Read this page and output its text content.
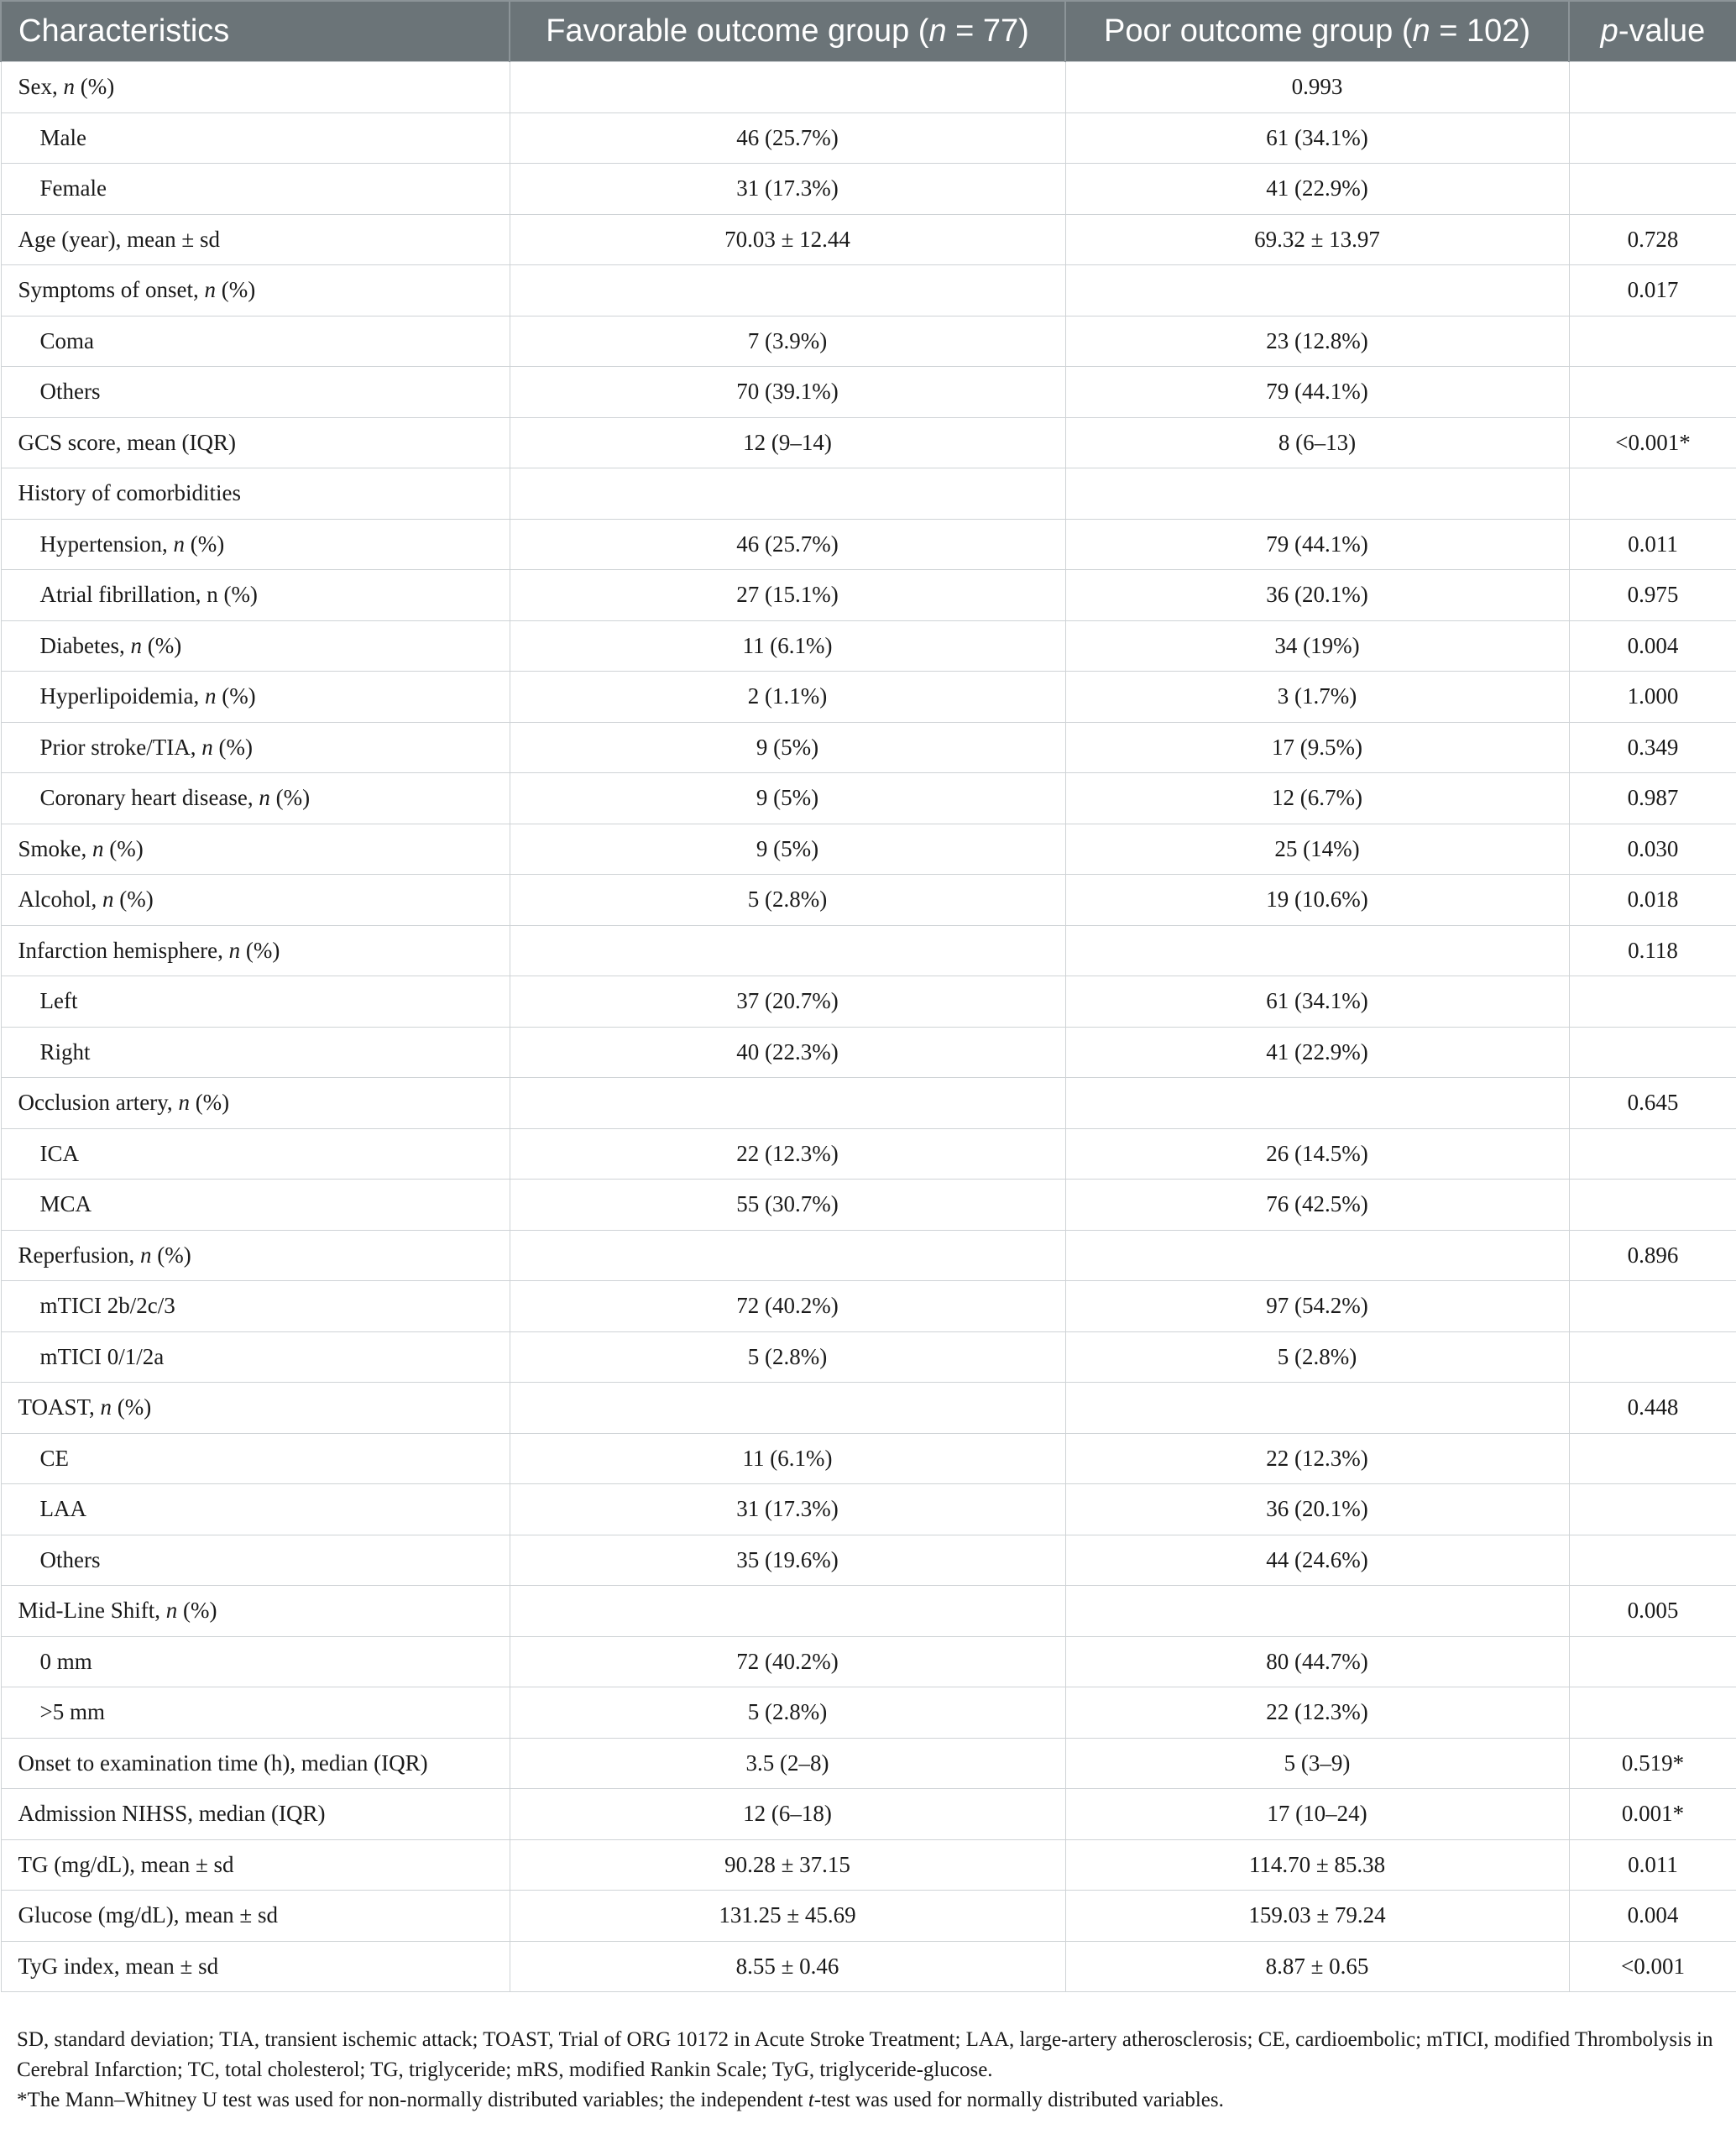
Characteristics	Favorable outcome group (n = 77)	Poor outcome group (n = 102)	p-value
Sex, n (%)		0.993	
Male	46 (25.7%)	61 (34.1%)	
Female	31 (17.3%)	41 (22.9%)	
Age (year), mean ± sd	70.03 ± 12.44	69.32 ± 13.97	0.728
Symptoms of onset, n (%)			0.017
Coma	7 (3.9%)	23 (12.8%)	
Others	70 (39.1%)	79 (44.1%)	
GCS score, mean (IQR)	12 (9–14)	8 (6–13)	<0.001*
History of comorbidities			
Hypertension, n (%)	46 (25.7%)	79 (44.1%)	0.011
Atrial fibrillation, n (%)	27 (15.1%)	36 (20.1%)	0.975
Diabetes, n (%)	11 (6.1%)	34 (19%)	0.004
Hyperlipoidemia, n (%)	2 (1.1%)	3 (1.7%)	1.000
Prior stroke/TIA, n (%)	9 (5%)	17 (9.5%)	0.349
Coronary heart disease, n (%)	9 (5%)	12 (6.7%)	0.987
Smoke, n (%)	9 (5%)	25 (14%)	0.030
Alcohol, n (%)	5 (2.8%)	19 (10.6%)	0.018
Infarction hemisphere, n (%)			0.118
Left	37 (20.7%)	61 (34.1%)	
Right	40 (22.3%)	41 (22.9%)	
Occlusion artery, n (%)			0.645
ICA	22 (12.3%)	26 (14.5%)	
MCA	55 (30.7%)	76 (42.5%)	
Reperfusion, n (%)			0.896
mTICI 2b/2c/3	72 (40.2%)	97 (54.2%)	
mTICI 0/1/2a	5 (2.8%)	5 (2.8%)	
TOAST, n (%)			0.448
CE	11 (6.1%)	22 (12.3%)	
LAA	31 (17.3%)	36 (20.1%)	
Others	35 (19.6%)	44 (24.6%)	
Mid-Line Shift, n (%)			0.005
0 mm	72 (40.2%)	80 (44.7%)	
>5 mm	5 (2.8%)	22 (12.3%)	
Onset to examination time (h), median (IQR)	3.5 (2–8)	5 (3–9)	0.519*
Admission NIHSS, median (IQR)	12 (6–18)	17 (10–24)	0.001*
TG (mg/dL), mean ± sd	90.28 ± 37.15	114.70 ± 85.38	0.011
Glucose (mg/dL), mean ± sd	131.25 ± 45.69	159.03 ± 79.24	0.004
TyG index, mean ± sd	8.55 ± 0.46	8.87 ± 0.65	<0.001

SD, standard deviation; TIA, transient ischemic attack; TOAST, Trial of ORG 10172 in Acute Stroke Treatment; LAA, large-artery atherosclerosis; CE, cardioembolic; mTICI, modified Thrombolysis in Cerebral Infarction; TC, total cholesterol; TG, triglyceride; mRS, modified Rankin Scale; TyG, triglyceride-glucose.

*The Mann–Whitney U test was used for non-normally distributed variables; the independent t-test was used for normally distributed variables.
